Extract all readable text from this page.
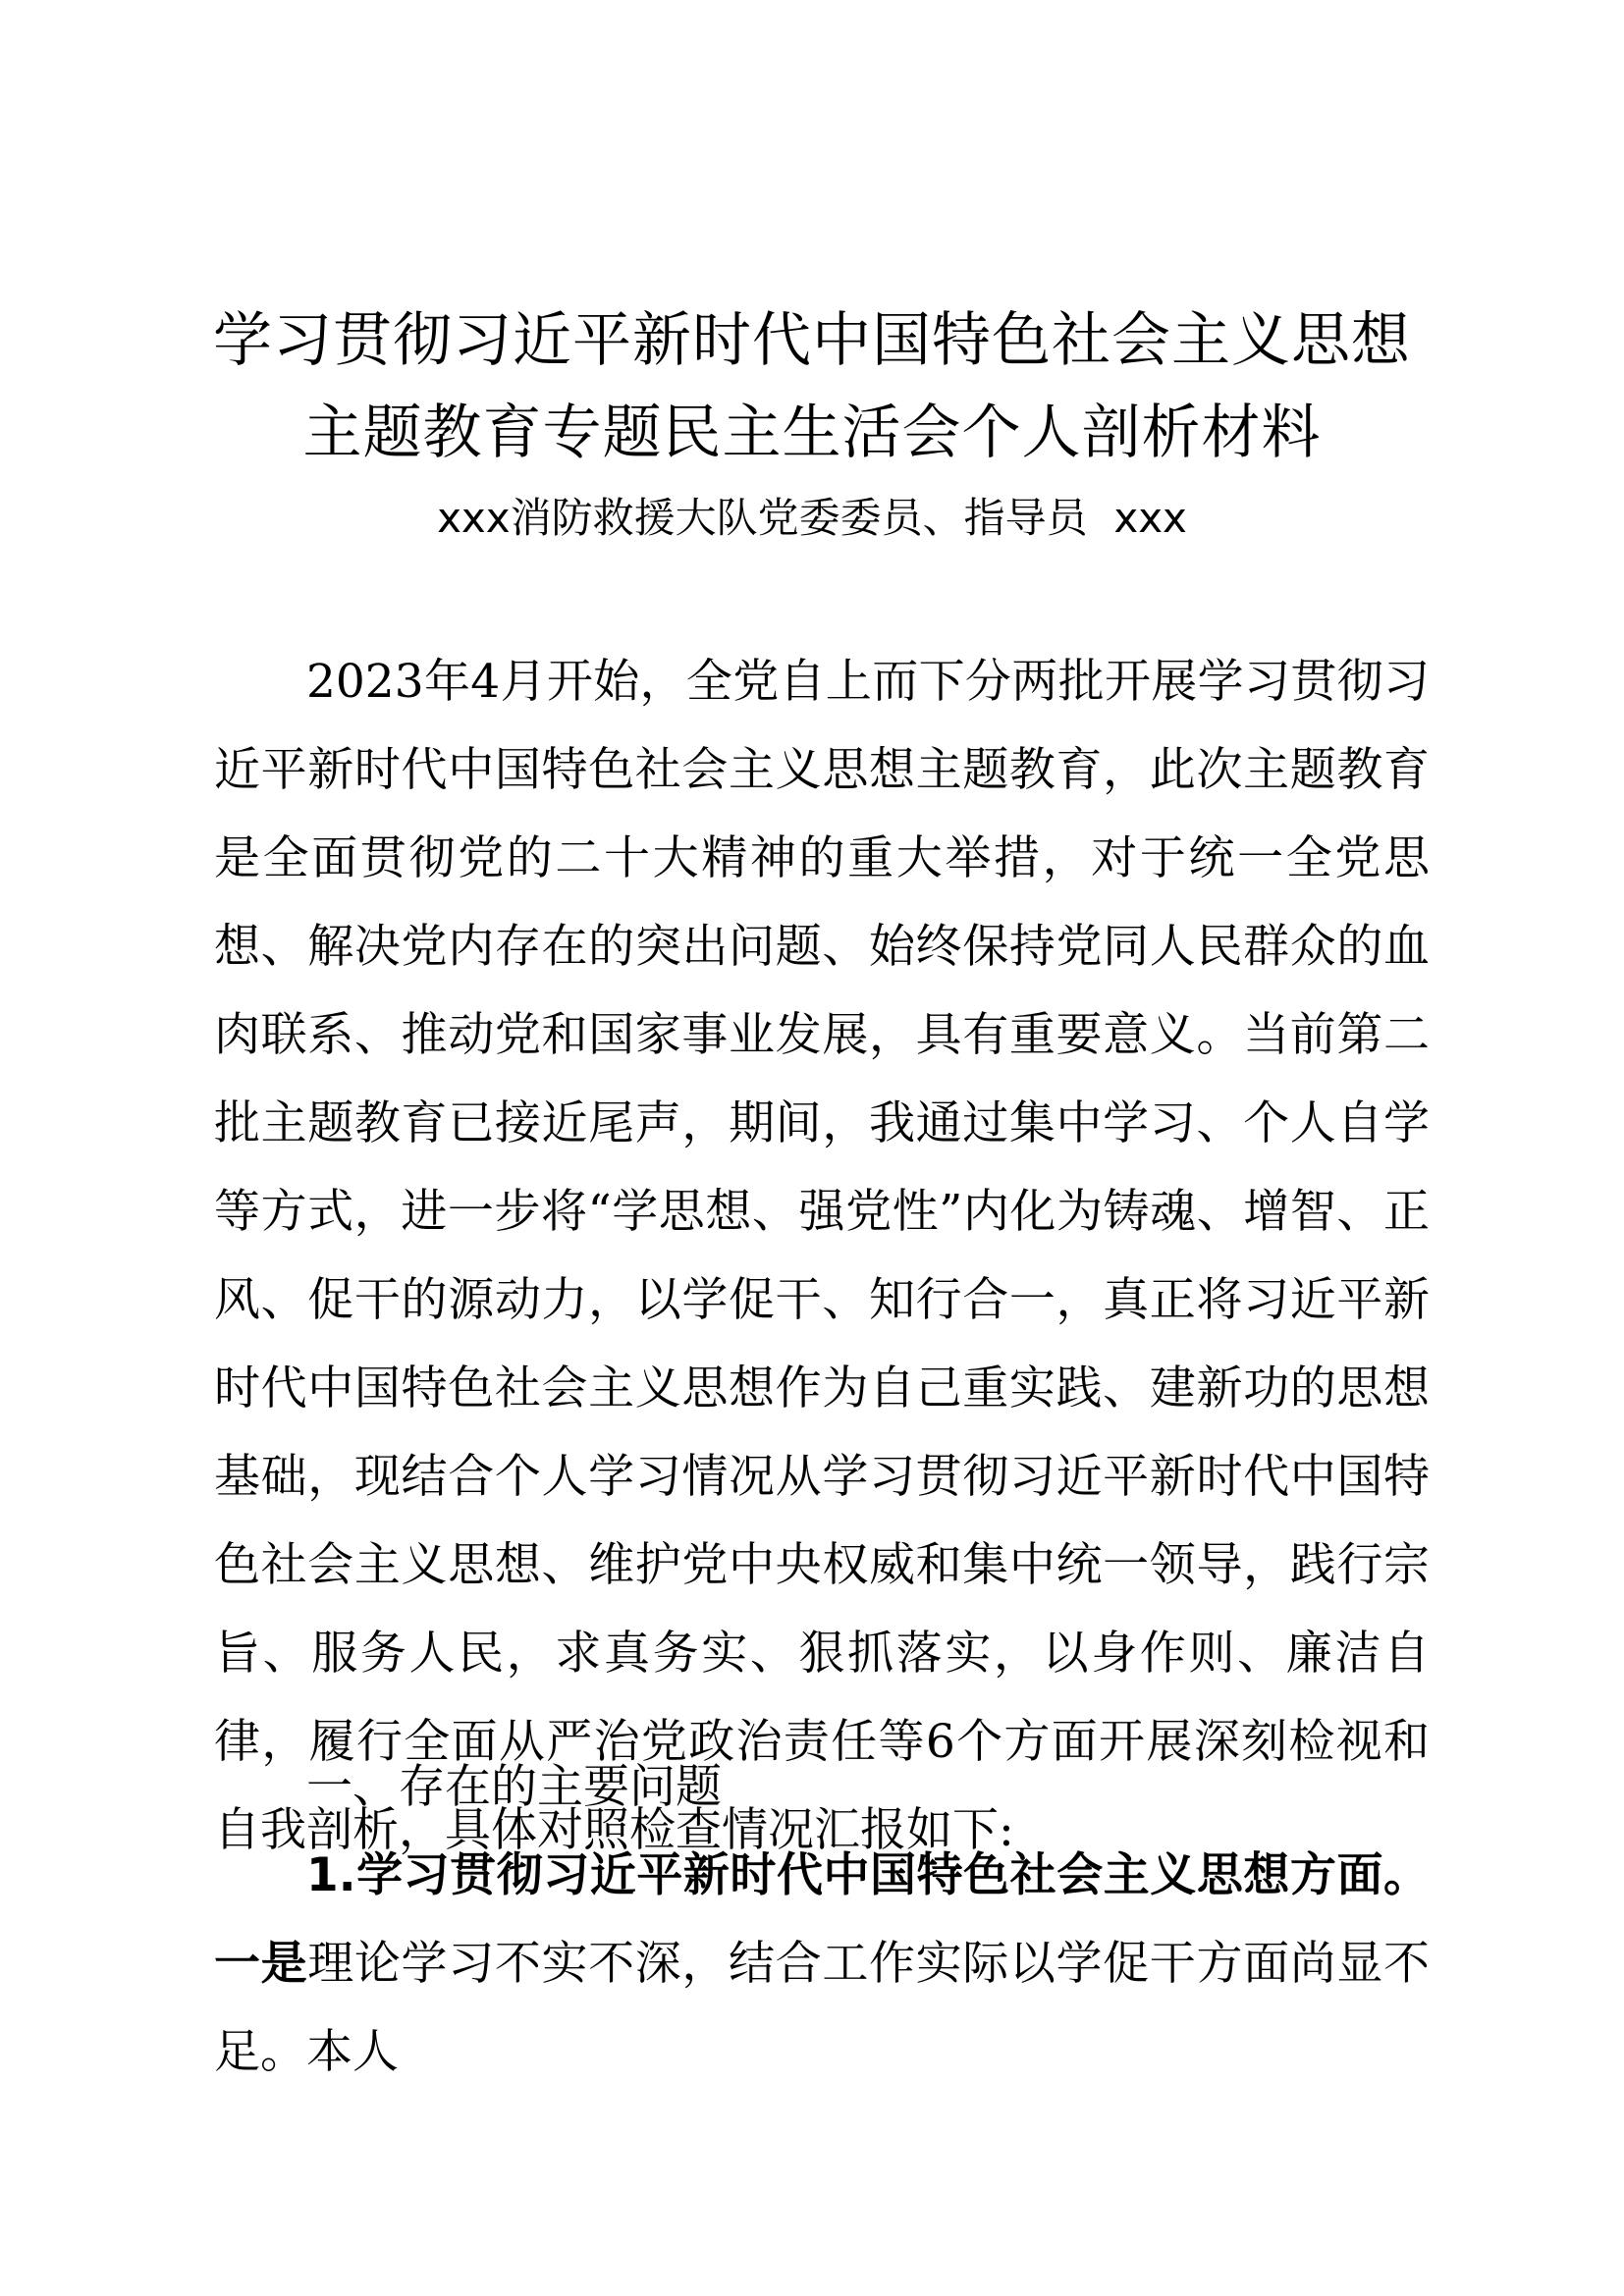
学习贯彻习近平新时代中国特色社会主义思想
主题教育专题民主生活会个人剖析材料
xxx消防救援大队党委委员、指导员  xxx

2023年4月开始，全党自上而下分两批开展学习贯彻习近平新时代中国特色社会主义思想主题教育，此次主题教育是全面贯彻党的二十大精神的重大举措，对于统一全党思想、解决党内存在的突出问题、始终保持党同人民群众的血肉联系、推动党和国家事业发展，具有重要意义。当前第二批主题教育已接近尾声，期间，我通过集中学习、个人自学等方式，进一步将“学思想、强党性”内化为铸魂、增智、正风、促干的源动力，以学促干、知行合一，真正将习近平新时代中国特色社会主义思想作为自己重实践、建新功的思想基础，现结合个人学习情况从学习贯彻习近平新时代中国特色社会主义思想、维护党中央权威和集中统一领导，践行宗旨、服务人民，求真务实、狠抓落实，以身作则、廉洁自律，履行全面从严治党政治责任等6个方面开展深刻检视和自我剖析，具体对照检查情况汇报如下:

一、存在的主要问题
1.学习贯彻习近平新时代中国特色社会主义思想方面。一是理论学习不实不深，结合工作实际以学促干方面尚显不足。本人
